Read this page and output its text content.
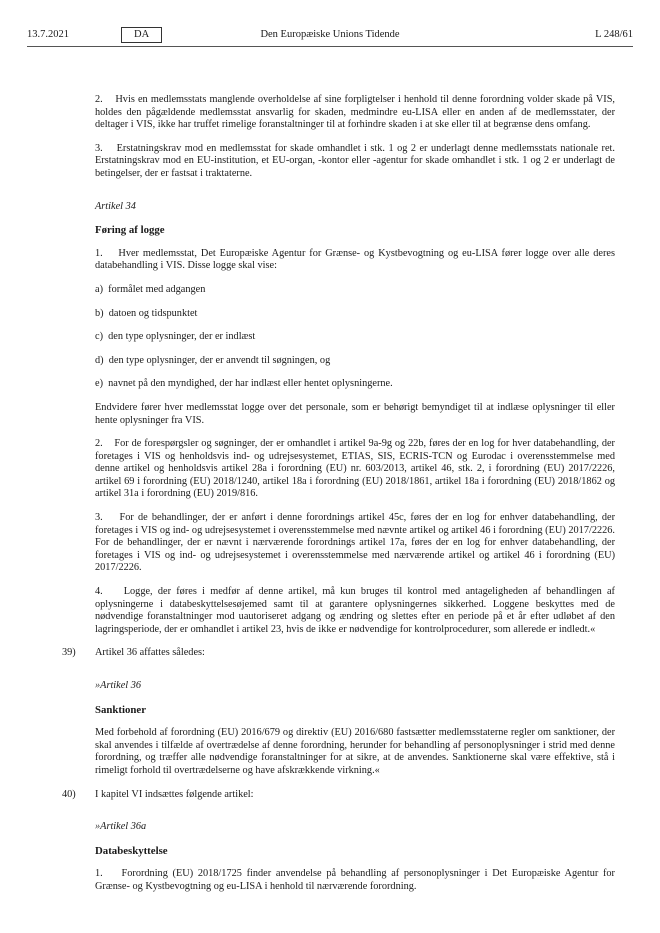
13.7.2021	DA	Den Europæiske Unions Tidende	L 248/61

2.    Hvis en medlemsstats manglende overholdelse af sine forpligtelser i henhold til denne forordning volder skade på VIS, holdes den pågældende medlemsstat ansvarlig for skaden, medmindre eu-LISA eller en anden af de medlemsstater, der deltager i VIS, ikke har truffet rimelige foranstaltninger til at forhindre skaden i at ske eller til at begrænse dens omfang.

3.    Erstatningskrav mod en medlemsstat for skade omhandlet i stk. 1 og 2 er underlagt denne medlemsstats nationale ret. Erstatningskrav mod en EU-institution, et EU-organ, -kontor eller -agentur for skade omhandlet i stk. 1 og 2 er underlagt de betingelser, der er fastsat i traktaterne.

Artikel 34

Føring af logge

1.    Hver medlemsstat, Det Europæiske Agentur for Grænse- og Kystbevogtning og eu-LISA fører logge over alle deres databehandling i VIS. Disse logge skal vise:

a)  formålet med adgangen

b)  datoen og tidspunktet

c)  den type oplysninger, der er indlæst

d)  den type oplysninger, der er anvendt til søgningen, og

e)  navnet på den myndighed, der har indlæst eller hentet oplysningerne.

Endvidere fører hver medlemsstat logge over det personale, som er behørigt bemyndiget til at indlæse oplysninger til eller hente oplysninger fra VIS.

2.    For de forespørgsler og søgninger, der er omhandlet i artikel 9a-9g og 22b, føres der en log for hver databehandling, der foretages i VIS og henholdsvis ind- og udrejsesystemet, ETIAS, SIS, ECRIS-TCN og Eurodac i overensstemmelse med denne artikel og henholdsvis artikel 28a i forordning (EU) nr. 603/2013, artikel 46, stk. 2, i forordning (EU) 2017/2226, artikel 69 i forordning (EU) 2018/1240, artikel 18a i forordning (EU) 2018/1861, artikel 18a i forordning (EU) 2018/1862 og artikel 31a i forordning (EU) 2019/816.

3.    For de behandlinger, der er anført i denne forordnings artikel 45c, føres der en log for enhver databehandling, der foretages i VIS og ind- og udrejsesystemet i overensstemmelse med nævnte artikel og artikel 46 i forordning (EU) 2017/2226. For de behandlinger, der er nævnt i nærværende forordnings artikel 17a, føres der en log for enhver databehandling, der foretages i VIS og ind- og udrejsesystemet i overensstemmelse med nærværende artikel og artikel 46 i forordning (EU) 2017/2226.

4.    Logge, der føres i medfør af denne artikel, må kun bruges til kontrol med antageligheden af behandlingen af oplysningerne i databeskyttelsesøjemed samt til at garantere oplysningernes sikkerhed. Loggene beskyttes med de nødvendige foranstaltninger mod uautoriseret adgang og ændring og slettes efter en periode på et år efter udløbet af den lagringsperiode, der er omhandlet i artikel 23, hvis de ikke er nødvendige for kontrolprocedurer, som allerede er indledt.«

39) Artikel 36 affattes således:

»Artikel 36

Sanktioner

Med forbehold af forordning (EU) 2016/679 og direktiv (EU) 2016/680 fastsætter medlemsstaterne regler om sanktioner, der skal anvendes i tilfælde af overtrædelse af denne forordning, herunder for behandling af personoplysninger i strid med denne forordning, og træffer alle nødvendige foranstaltninger for at sikre, at de anvendes. Sanktionerne skal være effektive, stå i rimeligt forhold til overtrædelserne og have afskrækkende virkning.«

40) I kapitel VI indsættes følgende artikel:

»Artikel 36a

Databeskyttelse

1.    Forordning (EU) 2018/1725 finder anvendelse på behandling af personoplysninger i Det Europæiske Agentur for Grænse- og Kystbevogtning og eu-LISA i henhold til nærværende forordning.
